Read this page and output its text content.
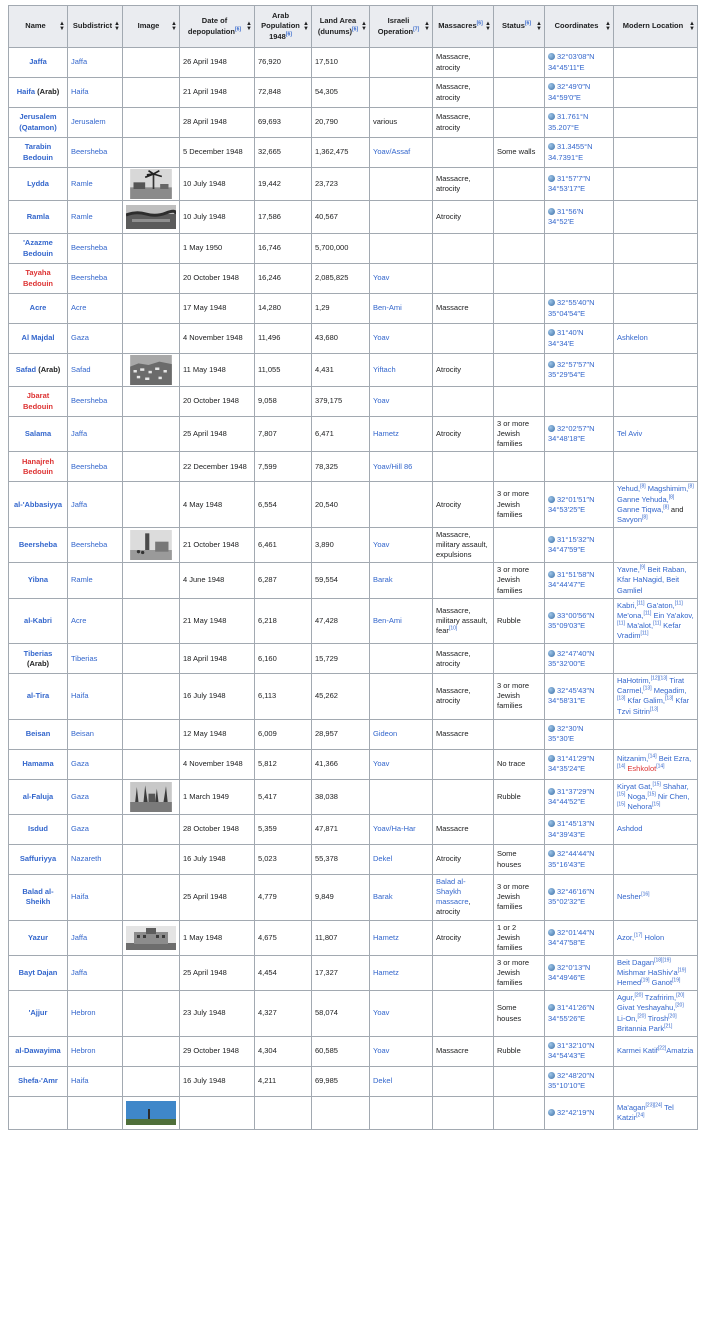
Name ▲
▼	Subdistrict ▲
▼	Image ▲
▼	Date of depopulation[6]
▲
▼	Arab Population 1948[6]
▲
▼	Land Area (dunums)[6]
▲
▼	Israeli Operation[7]
▲
▼	Massacres[6] ▲
▼	Status[6] ▲
▼	Coordinates ▲
▼	Modern Location ▲
▼

Jaffa	Jaffa		26 April 1948	76,920	17,510		Massacre, atrocity		32°03′08″N
34°45′11″E	
Haifa (Arab)	Haifa		21 April 1948	72,848	54,305		Massacre, atrocity		32°49′0″N
34°59′0″E	
Jerusalem (Qatamon)	Jerusalem		28 April 1948	69,693	20,790	various	Massacre, atrocity		31.761°N
35.207°E	
Tarabin Bedouin	Beersheba		5 December 1948	32,665	1,362,475	Yoav/Assaf		Some walls	31.3455°N
34.7391°E	
Lydda	Ramle		10 July 1948	19,442	23,723		Massacre, atrocity		31°57′7″N
34°53′17″E	
Ramla	Ramle		10 July 1948	17,586	40,567		Atrocity		31°56′N
34°52′E	
'Azazme Bedouin	Beersheba		1 May 1950	16,746	5,700,000					
Tayaha Bedouin	Beersheba		20 October 1948	16,246	2,085,825	Yoav				
Acre	Acre		17 May 1948	14,280	1,29	Ben-Ami	Massacre		32°55′40″N
35°04′54″E	
Al Majdal	Gaza		4 November 1948	11,496	43,680	Yoav			31°40′N
34°34′E	Ashkelon
Safad (Arab)	Safad		11 May 1948	11,055	4,431	Yiftach	Atrocity		32°57′57″N
35°29′54″E	
Jbarat Bedouin	Beersheba		20 October 1948	9,058	379,175	Yoav				
Salama	Jaffa		25 April 1948	7,807	6,471	Hametz	Atrocity	3 or more Jewish families	32°02′57″N
34°48′18″E	Tel Aviv
Hanajreh Bedouin	Beersheba		22 December 1948	7,599	78,325	Yoav/Hill 86				
al-'Abbasiyya	Jaffa		4 May 1948	6,554	20,540		Atrocity	3 or more Jewish families	32°01′51″N
34°53′25″E	Yehud,[8] Magshimim,[8] Ganne Yehuda,[8] Ganne Tiqwa,[8] and Savyon[8]
Beersheba	Beersheba		21 October 1948	6,461	3,890	Yoav	Massacre, military assault, expulsions		31°15′32″N
34°47′59″E	
Yibna	Ramle		4 June 1948	6,287	59,554	Barak		3 or more Jewish families	31°51′58″N
34°44′47″E	Yavne,[9] Beit Raban, Kfar HaNagid, Beit Gamliel
al-Kabri	Acre		21 May 1948	6,218	47,428	Ben-Ami	Massacre, military assault, fear[10]	Rubble	33°00′56″N
35°09′03″E	Kabri,[11] Ga'aton,[11] Me'ona,[11] Ein Ya'akov,[11] Ma'alot,[11] Kefar Vradim[11]
Tiberias (Arab)	Tiberias		18 April 1948	6,160	15,729		Massacre, atrocity		32°47′40″N
35°32′00″E	
al-Tira	Haifa		16 July 1948	6,113	45,262		Massacre, atrocity	3 or more Jewish families	32°45′43″N
34°58′31″E	HaHotrim,[12][13] Tirat Carmel,[13] Megadim,[13] Kfar Galim,[13] Kfar Tzvi Sitrin[13]
Beisan	Beisan		12 May 1948	6,009	28,957	Gideon	Massacre		32°30′N
35°30′E	
Hamama	Gaza		4 November 1948	5,812	41,366	Yoav		No trace	31°41′29″N
34°35′24″E	Nitzanim,[14] Beit Ezra,[14] Eshkolot[14]
al-Faluja	Gaza		1 March 1949	5,417	38,038			Rubble	31°37′29″N
34°44′52″E	Kiryat Gat,[15] Shahar,[15] Noga,[15] Nir Chen,[15] Nehora[15]
Isdud	Gaza		28 October 1948	5,359	47,871	Yoav/Ha-Har	Massacre		31°45′13″N
34°39′43″E	Ashdod
Saffuriyya	Nazareth		16 July 1948	5,023	55,378	Dekel	Atrocity	Some houses	32°44′44″N
35°16′43″E	
Balad al-Sheikh	Haifa		25 April 1948	4,779	9,849	Barak	Balad al-Shaykh massacre, atrocity	3 or more Jewish families	32°46′16″N
35°02′32″E	Nesher[16]
Yazur	Jaffa		1 May 1948	4,675	11,807	Hametz	Atrocity	1 or 2 Jewish families	32°01′44″N
34°47′58″E	Azor,[17] Holon
Bayt Dajan	Jaffa		25 April 1948	4,454	17,327	Hametz		3 or more Jewish families	32°0′13″N
34°49′46″E	Beit Dagan[18][19] Mishmar HaShiv'a[19] Hemed[19] Ganot[19]
'Ajjur	Hebron		23 July 1948	4,327	58,074	Yoav		Some houses	31°41′26″N
34°55′26″E	Agur,[20] Tzafririm,[20] Givat Yeshayahu,[20] Li-On,[20] Tirosh[20] Britannia Park[21]
al-Dawayima	Hebron		29 October 1948	4,304	60,585	Yoav	Massacre	Rubble	31°32′10″N
34°54′43″E	Karmei Katif[22]Amatzia
Shefa-'Amr	Haifa		16 July 1948	4,211	69,985	Dekel			32°48′20″N
35°10′10″E	

							32°42′19″N	Ma'agan[23][24] Tel Katzir[24]
